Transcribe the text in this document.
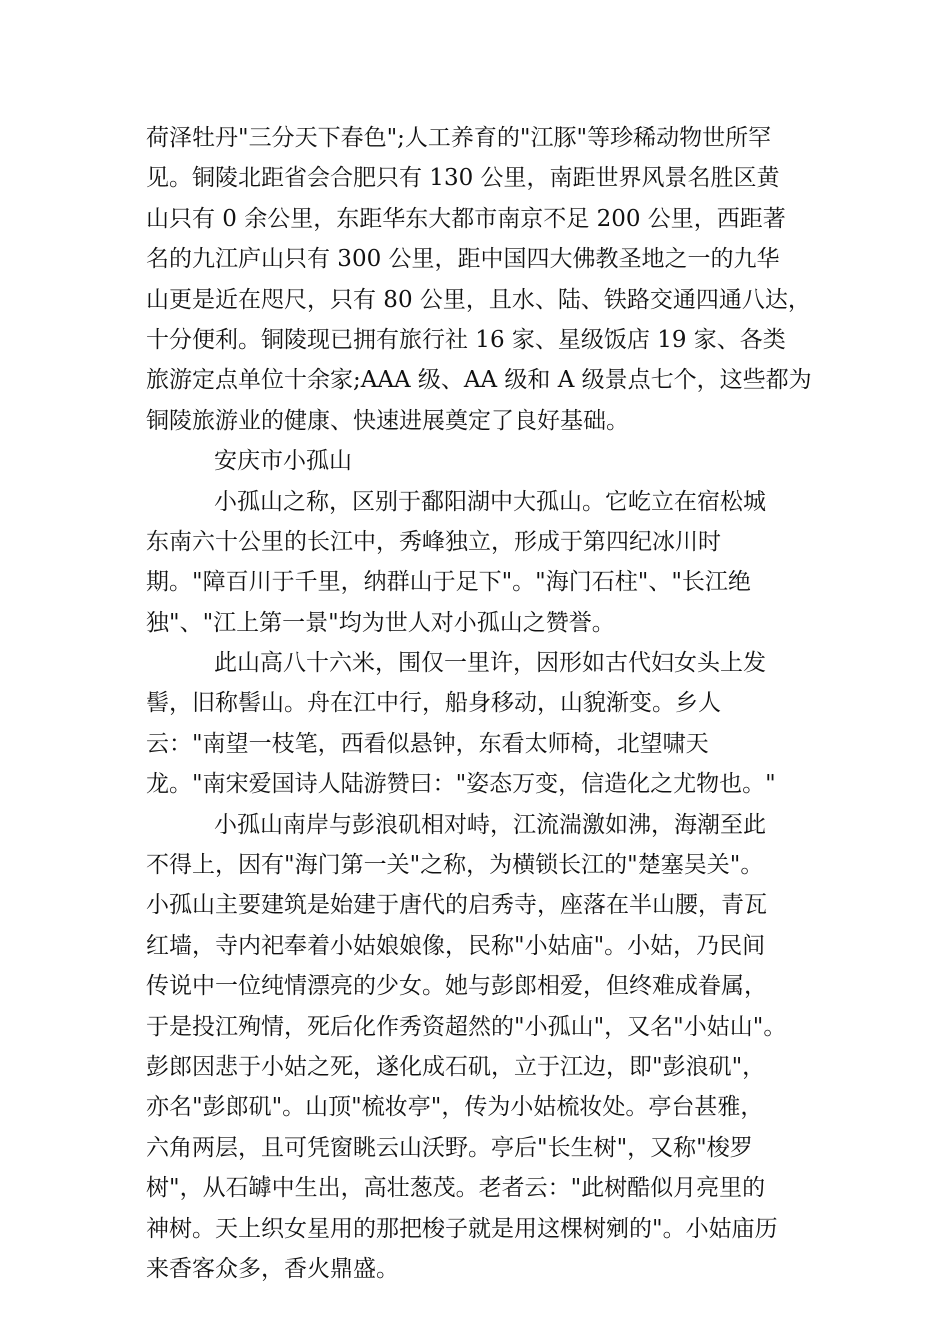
荷泽牡丹"三分天下春色";人工养育的"江豚"等珍稀动物世所罕
见。铜陵北距省会合肥只有 130 公里，南距世界风景名胜区黄
山只有 0 余公里，东距华东大都市南京不足 200 公里，西距著
名的九江庐山只有 300 公里，距中国四大佛教圣地之一的九华
山更是近在咫尺，只有 80 公里，且水、陆、铁路交通四通八达，
十分便利。铜陵现已拥有旅行社 16 家、星级饭店 19 家、各类
旅游定点单位十余家;AAA 级、AA 级和 A 级景点七个，这些都为
铜陵旅游业的健康、快速进展奠定了良好基础。
安庆市小孤山
小孤山之称，区别于鄱阳湖中大孤山。它屹立在宿松城
东南六十公里的长江中，秀峰独立，形成于第四纪冰川时
期。"障百川于千里，纳群山于足下"。"海门石柱"、"长江绝
独"、"江上第一景"均为世人对小孤山之赞誉。
此山高八十六米，围仅一里许，因形如古代妇女头上发
髻，旧称髻山。舟在江中行，船身移动，山貌渐变。乡人
云："南望一枝笔，西看似悬钟，东看太师椅，北望啸天
龙。"南宋爱国诗人陆游赞曰："姿态万变，信造化之尤物也。"
小孤山南岸与彭浪矶相对峙，江流湍激如沸，海潮至此
不得上，因有"海门第一关"之称，为横锁长江的"楚塞吴关"。
小孤山主要建筑是始建于唐代的启秀寺，座落在半山腰，青瓦
红墙，寺内祀奉着小姑娘娘像，民称"小姑庙"。小姑，乃民间
传说中一位纯情漂亮的少女。她与彭郎相爱，但终难成眷属，
于是投江殉情，死后化作秀资超然的"小孤山"，又名"小姑山"。
彭郎因悲于小姑之死，遂化成石矶，立于江边，即"彭浪矶"，
亦名"彭郎矶"。山顶"梳妆亭"，传为小姑梳妆处。亭台甚雅，
六角两层，且可凭窗眺云山沃野。亭后"长生树"，又称"梭罗
树"，从石罅中生出，高壮葱茂。老者云："此树酷似月亮里的
神树。天上织女星用的那把梭子就是用这棵树剜的"。小姑庙历
来香客众多，香火鼎盛。
